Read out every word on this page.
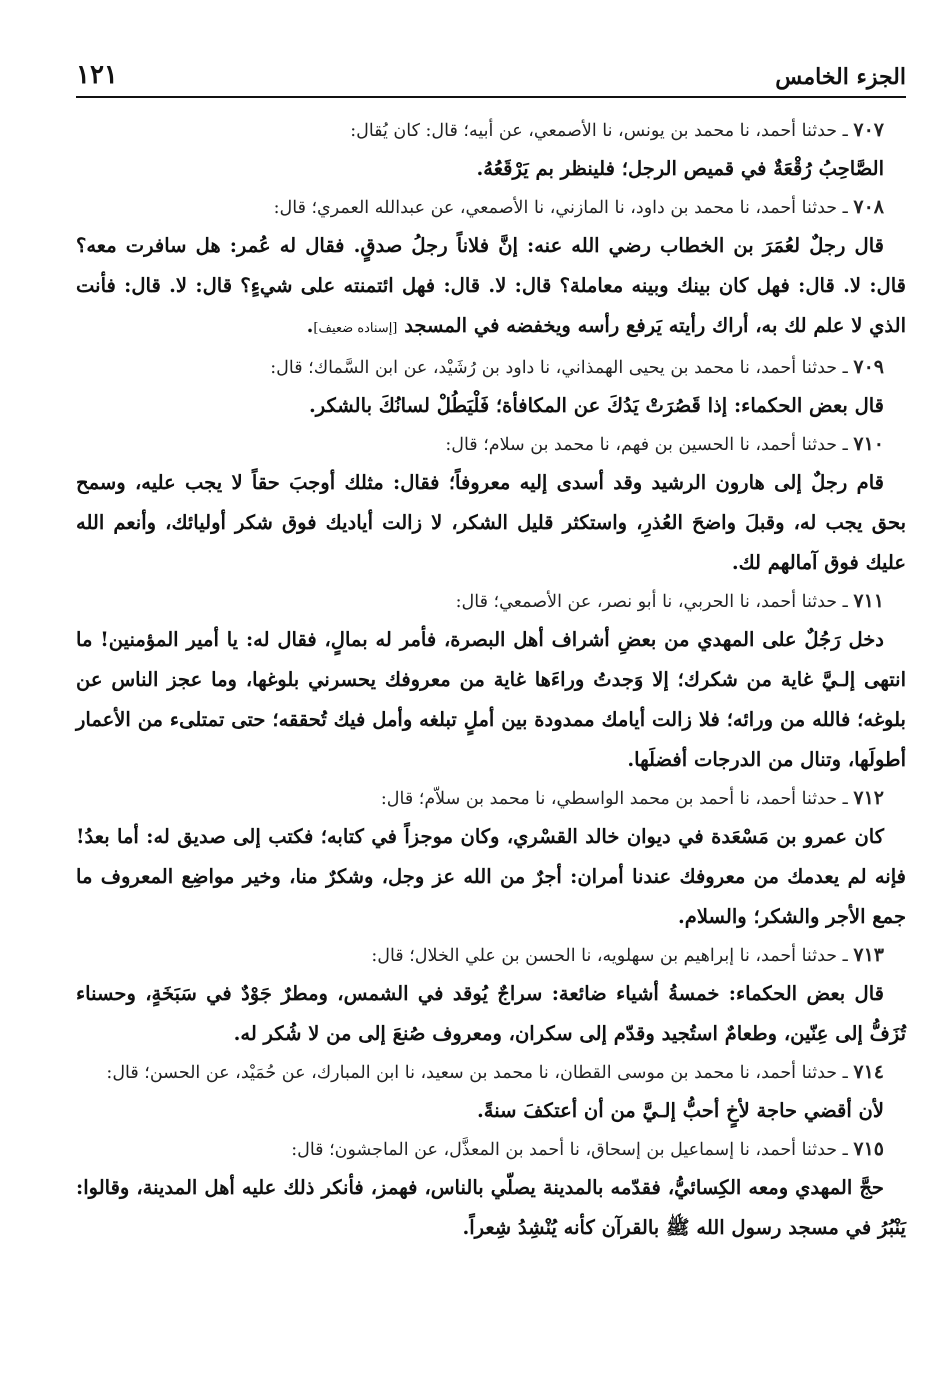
١٢١	الجزء الخامس

٧٠٧ ـ حدثنا أحمد، نا محمد بن يونس، نا الأصمعي، عن أبيه؛ قال: كان يُقال:

الصَّاحِبُ رُقْعَةٌ في قميص الرجل؛ فلينظر بم يَرْقَعُهُ.

٧٠٨ ـ حدثنا أحمد، نا محمد بن داود، نا المازني، نا الأصمعي، عن عبدالله العمري؛ قال:

قال رجلٌ لعُمَرَ بن الخطاب رضي الله عنه: إنَّ فلاناً رجلُ صدقٍ. فقال له عُمر: هل سافرت معه؟ قال: لا. قال: فهل كان بينك وبينه معاملة؟ قال: لا. قال: فهل ائتمنته على شيءٍ؟ قال: لا. قال: فأنت الذي لا علم لك به، أراك رأيته يَرفع رأسه ويخفضه في المسجد [إسناده ضعيف].

٧٠٩ ـ حدثنا أحمد، نا محمد بن يحيى الهمذاني، نا داود بن رُشَيْد، عن ابن السَّماك؛ قال:

قال بعض الحكماء: إذا قَصُرَتْ يَدُكَ عن المكافأة؛ فَلْيَطُلْ لسانُكَ بالشكر.

٧١٠ ـ حدثنا أحمد، نا الحسين بن فهم، نا محمد بن سلام؛ قال:

قام رجلٌ إلى هارون الرشيد وقد أسدى إليه معروفاً؛ فقال: مثلك أوجبَ حقاً لا يجب عليه، وسمح بحق يجب له، وقبلَ واضحَ العُذرِ، واستكثر قليل الشكر، لا زالت أياديك فوق شكر أوليائك، وأنعم الله عليك فوق آمالهم لك.

٧١١ ـ حدثنا أحمد، نا الحربي، نا أبو نصر، عن الأصمعي؛ قال:

دخل رَجُلٌ على المهدي من بعضِ أشراف أهل البصرة، فأمر له بمالٍ، فقال له: يا أمير المؤمنين! ما انتهى إلـيَّ غاية من شكرك؛ إلا وَجدتُ وراءَها غاية من معروفك يحسرني بلوغها، وما عجز الناس عن بلوغه؛ فالله من ورائه؛ فلا زالت أيامك ممدودة بين أملٍ تبلغه وأمل فيك تُحققه؛ حتى تمتلىء من الأعمار أطولَها، وتنال من الدرجات أفضلَها.

٧١٢ ـ حدثنا أحمد، نا أحمد بن محمد الواسطي، نا محمد بن سلاّم؛ قال:

كان عمرو بن مَسْعَدة في ديوان خالد القسْري، وكان موجزاً في كتابه؛ فكتب إلى صديق له: أما بعدُ! فإنه لم يعدمك من معروفك عندنا أمران: أجرٌ من الله عز وجل، وشكرٌ منا، وخير مواضِع المعروف ما جمع الأجر والشكر؛ والسلام.

٧١٣ ـ حدثنا أحمد، نا إبراهيم بن سهلويه، نا الحسن بن علي الخلال؛ قال:

قال بعض الحكماء: خمسةُ أشياء ضائعة: سراجٌ يُوقد في الشمس، ومطرٌ جَوْدٌ في سَبَخَةٍ، وحسناء تُزَفُّ إلى عِنّين، وطعامٌ استُجيد وقدّم إلى سكران، ومعروف صُنعَ إلى من لا شُكر له.

٧١٤ ـ حدثنا أحمد، نا محمد بن موسى القطان، نا محمد بن سعيد، نا ابن المبارك، عن حُمَيْد، عن الحسن؛ قال:

لأن أقضي حاجة لأخٍ أحبُّ إلـيَّ من أن أعتكفَ سنةً.

٧١٥ ـ حدثنا أحمد، نا إسماعيل بن إسحاق، نا أحمد بن المعذَّل، عن الماجشون؛ قال:

حجَّ المهدي ومعه الكِسائيُّ، فقدّمه بالمدينة يصلّي بالناس، فهمز، فأنكر ذلك عليه أهل المدينة، وقالوا: يَنْبُرُ في مسجد رسول الله ﷺ بالقرآن كأنه يُنْشِدُ شِعراً.
